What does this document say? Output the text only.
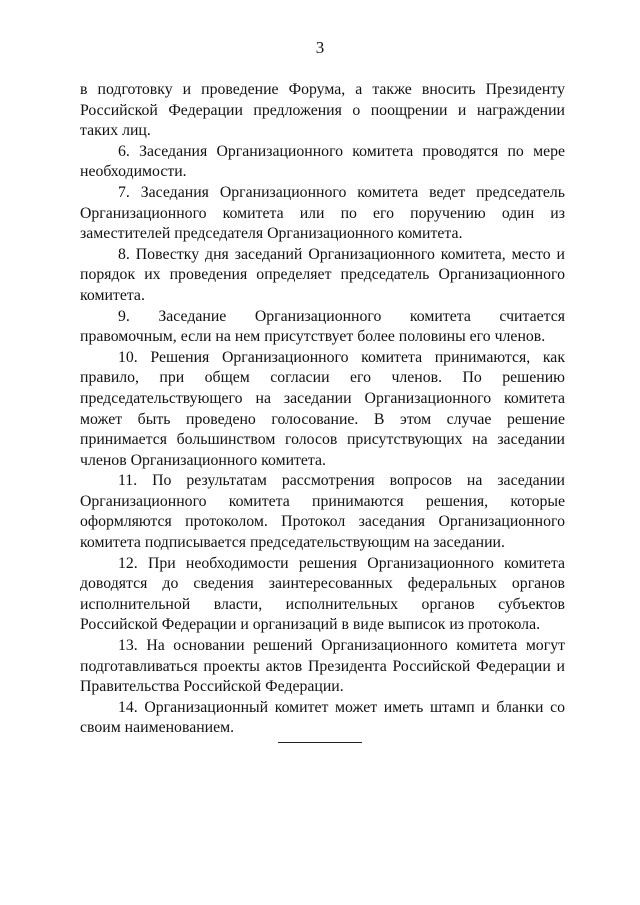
3

в подготовку и проведение Форума, а также вносить Президенту Российской Федерации предложения о поощрении и награждении таких лиц.

6. Заседания Организационного комитета проводятся по мере необходимости.

7. Заседания Организационного комитета ведет председатель Организационного комитета или по его поручению один из заместителей председателя Организационного комитета.

8. Повестку дня заседаний Организационного комитета, место и порядок их проведения определяет председатель Организационного комитета.

9. Заседание Организационного комитета считается правомочным, если на нем присутствует более половины его членов.

10. Решения Организационного комитета принимаются, как правило, при общем согласии его членов. По решению председательствующего на заседании Организационного комитета может быть проведено голосование. В этом случае решение принимается большинством голосов присутствующих на заседании членов Организационного комитета.

11. По результатам рассмотрения вопросов на заседании Организационного комитета принимаются решения, которые оформляются протоколом. Протокол заседания Организационного комитета подписывается председательствующим на заседании.

12. При необходимости решения Организационного комитета доводятся до сведения заинтересованных федеральных органов исполнительной власти, исполнительных органов субъектов Российской Федерации и организаций в виде выписок из протокола.

13. На основании решений Организационного комитета могут подготавливаться проекты актов Президента Российской Федерации и Правительства Российской Федерации.

14. Организационный комитет может иметь штамп и бланки со своим наименованием.
